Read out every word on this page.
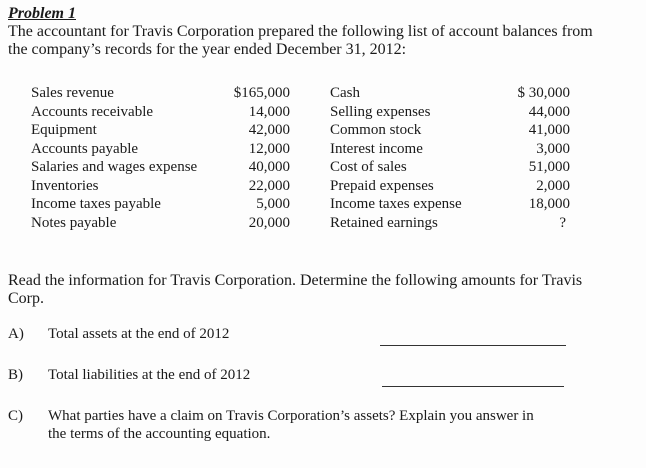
Problem 1
The accountant for Travis Corporation prepared the following list of account balances from
the company’s records for the year ended December 31, 2012:
Sales revenue
Accounts receivable
Equipment
Accounts payable
Salaries and wages expense
Inventories
Income taxes payable
Notes payable
$165,000
14,000
42,000
12,000
40,000
22,000
5,000
20,000
Cash
Selling expenses
Common stock
Interest income
Cost of sales
Prepaid expenses
Income taxes expense
Retained earnings
$ 30,000
44,000
41,000
3,000
51,000
2,000
18,000
?
Read the information for Travis Corporation. Determine the following amounts for Travis
Corp.
A) Total assets at the end of 2012
B) Total liabilities at the end of 2012
C) What parties have a claim on Travis Corporation’s assets? Explain you answer in
the terms of the accounting equation.
